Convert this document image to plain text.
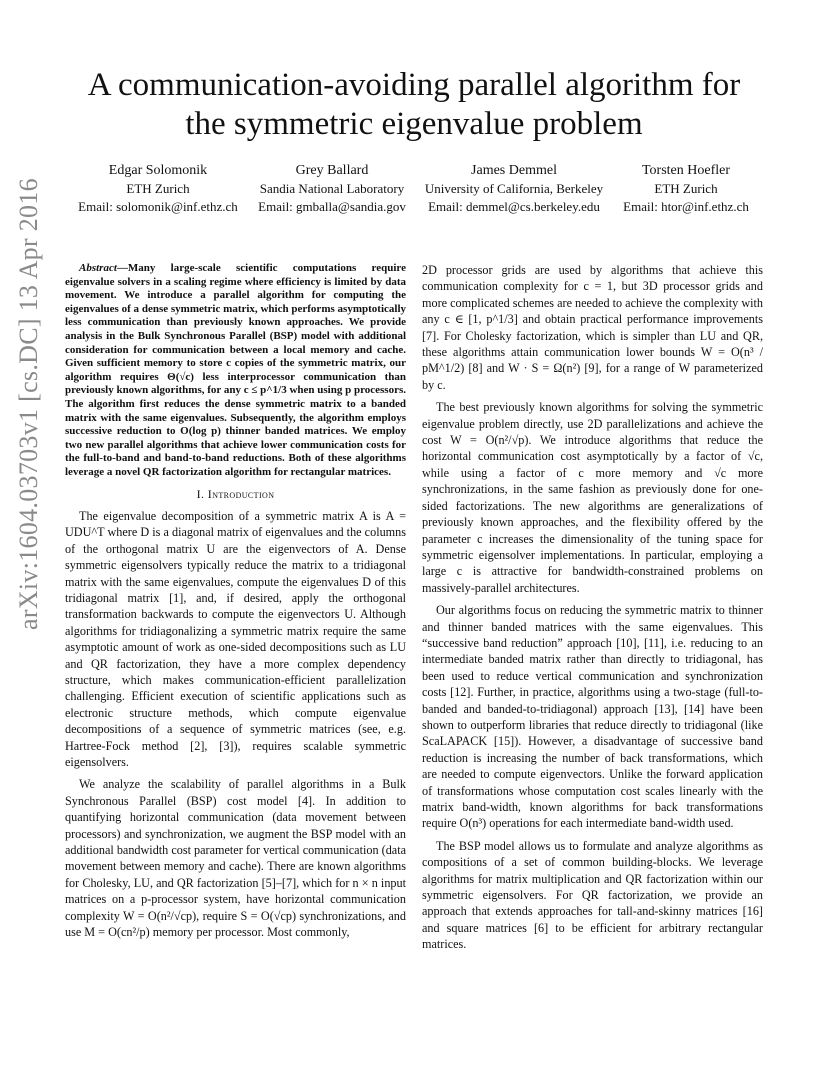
arXiv:1604.03703v1 [cs.DC] 13 Apr 2016
A communication-avoiding parallel algorithm for
the symmetric eigenvalue problem
Edgar Solomonik
ETH Zurich
Email: solomonik@inf.ethz.ch
Grey Ballard
Sandia National Laboratory
Email: gmballa@sandia.gov
James Demmel
University of California, Berkeley
Email: demmel@cs.berkeley.edu
Torsten Hoefler
ETH Zurich
Email: htor@inf.ethz.ch

Abstract—Many large-scale scientific computations require eigenvalue solvers in a scaling regime where efficiency is limited by data movement. We introduce a parallel algorithm for computing the eigenvalues of a dense symmetric matrix, which performs asymptotically less communication than previously known approaches. We provide analysis in the Bulk Synchronous Parallel (BSP) model with additional consideration for communication between a local memory and cache. Given sufficient memory to store c copies of the symmetric matrix, our algorithm requires Θ(√c) less interprocessor communication than previously known algorithms, for any c ≤ p^1/3 when using p processors. The algorithm first reduces the dense symmetric matrix to a banded matrix with the same eigenvalues. Subsequently, the algorithm employs successive reduction to O(log p) thinner banded matrices. We employ two new parallel algorithms that achieve lower communication costs for the full-to-band and band-to-band reductions. Both of these algorithms leverage a novel QR factorization algorithm for rectangular matrices.

I. Introduction

The eigenvalue decomposition of a symmetric matrix A is A = UDU^T where D is a diagonal matrix of eigenvalues and the columns of the orthogonal matrix U are the eigenvectors of A. Dense symmetric eigensolvers typically reduce the matrix to a tridiagonal matrix with the same eigenvalues, compute the eigenvalues D of this tridiagonal matrix [1], and, if desired, apply the orthogonal transformation backwards to compute the eigenvectors U. Although algorithms for tridiagonalizing a symmetric matrix require the same asymptotic amount of work as one-sided decompositions such as LU and QR factorization, they have a more complex dependency structure, which makes communication-efficient parallelization challenging. Efficient execution of scientific applications such as electronic structure methods, which compute eigenvalue decompositions of a sequence of symmetric matrices (see, e.g. Hartree-Fock method [2], [3]), requires scalable symmetric eigensolvers.

We analyze the scalability of parallel algorithms in a Bulk Synchronous Parallel (BSP) cost model [4]. In addition to quantifying horizontal communication (data movement between processors) and synchronization, we augment the BSP model with an additional bandwidth cost parameter for vertical communication (data movement between memory and cache). There are known algorithms for Cholesky, LU, and QR factorization [5]–[7], which for n × n input matrices on a p-processor system, have horizontal communication complexity W = O(n²/√cp), require S = O(√cp) synchronizations, and use M = O(cn²/p) memory per processor. Most commonly,

2D processor grids are used by algorithms that achieve this communication complexity for c = 1, but 3D processor grids and more complicated schemes are needed to achieve the complexity with any c ∈ [1, p^1/3] and obtain practical performance improvements [7]. For Cholesky factorization, which is simpler than LU and QR, these algorithms attain communication lower bounds W = O(n³ / pM^1/2) [8] and W · S = Ω(n²) [9], for a range of W parameterized by c.

The best previously known algorithms for solving the symmetric eigenvalue problem directly, use 2D parallelizations and achieve the cost W = O(n²/√p). We introduce algorithms that reduce the horizontal communication cost asymptotically by a factor of √c, while using a factor of c more memory and √c more synchronizations, in the same fashion as previously done for one-sided factorizations. The new algorithms are generalizations of previously known approaches, and the flexibility offered by the parameter c increases the dimensionality of the tuning space for symmetric eigensolver implementations. In particular, employing a large c is attractive for bandwidth-constrained problems on massively-parallel architectures.

Our algorithms focus on reducing the symmetric matrix to thinner and thinner banded matrices with the same eigenvalues. This “successive band reduction” approach [10], [11], i.e. reducing to an intermediate banded matrix rather than directly to tridiagonal, has been used to reduce vertical communication and synchronization costs [12]. Further, in practice, algorithms using a two-stage (full-to-banded and banded-to-tridiagonal) approach [13], [14] have been shown to outperform libraries that reduce directly to tridiagonal (like ScaLAPACK [15]). However, a disadvantage of successive band reduction is increasing the number of back transformations, which are needed to compute eigenvectors. Unlike the forward application of transformations whose computation cost scales linearly with the matrix band-width, known algorithms for back transformations require O(n³) operations for each intermediate band-width used.

The BSP model allows us to formulate and analyze algorithms as compositions of a set of common building-blocks. We leverage algorithms for matrix multiplication and QR factorization within our symmetric eigensolvers. For QR factorization, we provide an approach that extends approaches for tall-and-skinny matrices [16] and square matrices [6] to be efficient for arbitrary rectangular matrices.
